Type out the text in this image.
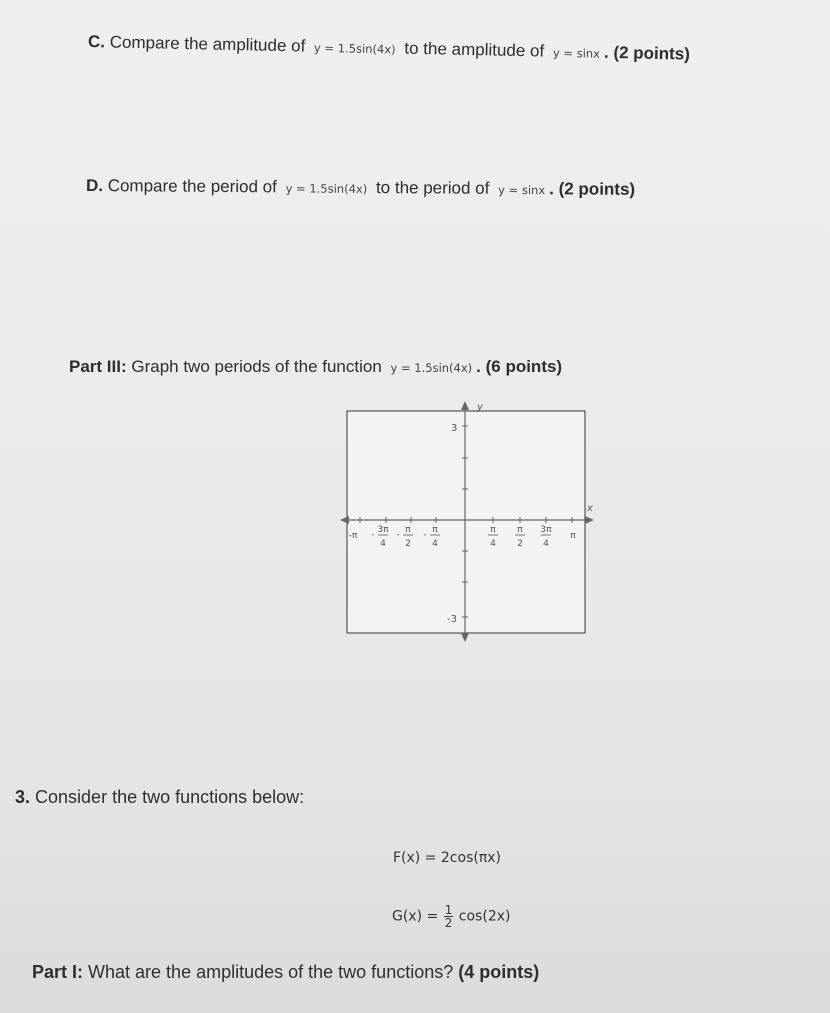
C. Compare the amplitude of y = 1.5sin(4x) to the amplitude of y = sinx . (2 points)
D. Compare the period of y = 1.5sin(4x) to the period of y = sinx . (2 points)
Part III: Graph two periods of the function y = 1.5sin(4x) . (6 points)
y
x
3
-3
-π - 3π
4
- π
2
- π
4
π
4
π
2
3π
4
π
3. Consider the two functions below:
F(x) = 2cos(πx)
$G(x) = \frac{1}{2} \cos(2x)$
Part I: What are the amplitudes of the two functions? (4 points)
